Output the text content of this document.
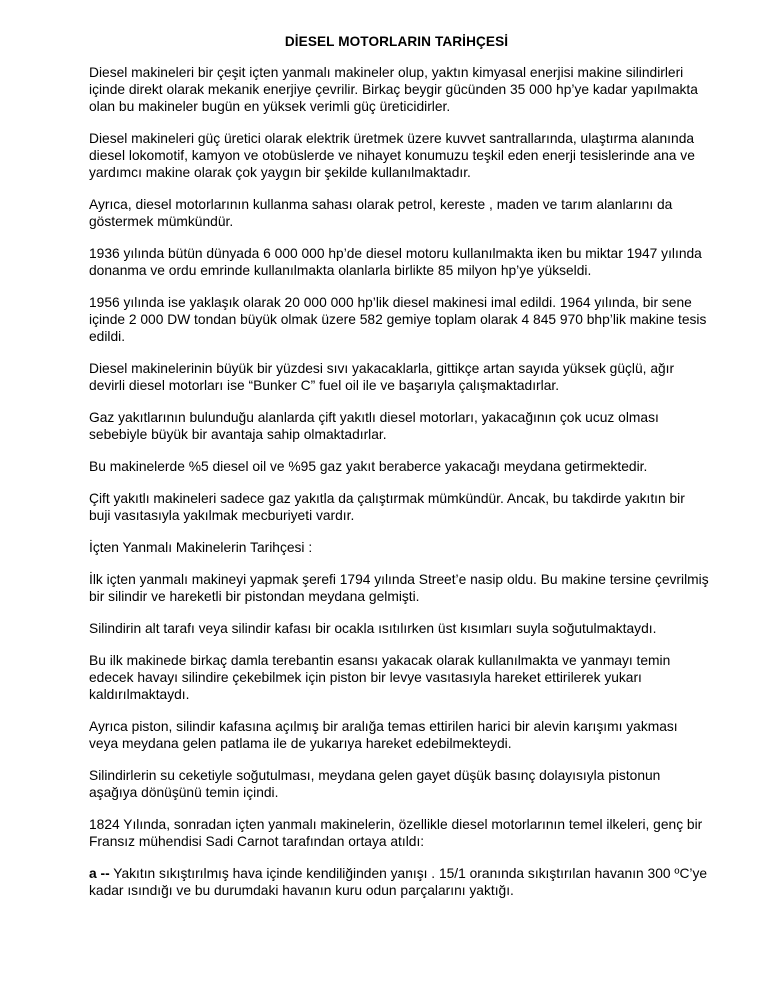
DİESEL MOTORLARIN TARİHÇESİ

Diesel makineleri bir çeşit içten yanmalı makineler olup, yaktın kimyasal enerjisi makine silindirleri içinde direkt olarak mekanik enerjiye çevrilir. Birkaç beygir gücünden 35 000 hp’ye kadar yapılmakta olan bu makineler bugün en yüksek verimli güç üreticidirler.

Diesel makineleri güç üretici olarak elektrik üretmek üzere kuvvet santrallarında, ulaştırma alanında diesel lokomotif, kamyon ve otobüslerde ve nihayet konumuzu teşkil eden enerji tesislerinde ana ve yardımcı makine olarak çok yaygın bir şekilde kullanılmaktadır.

Ayrıca, diesel motorlarının kullanma sahası olarak petrol, kereste , maden ve tarım alanlarını da göstermek mümkündür.

1936 yılında bütün dünyada 6 000 000 hp’de diesel motoru kullanılmakta iken bu miktar 1947 yılında donanma ve ordu emrinde kullanılmakta olanlarla birlikte 85 milyon hp’ye yükseldi.

1956 yılında ise yaklaşık olarak 20 000 000 hp’lik diesel makinesi imal edildi. 1964 yılında, bir sene içinde 2 000 DW tondan büyük olmak üzere 582 gemiye toplam olarak 4 845 970 bhp’lik makine tesis edildi.

Diesel makinelerinin büyük bir yüzdesi sıvı yakacaklarla, gittikçe artan sayıda yüksek güçlü, ağır devirli diesel motorları ise “Bunker C” fuel oil ile ve başarıyla çalışmaktadırlar.

Gaz yakıtlarının bulunduğu alanlarda çift yakıtlı diesel motorları, yakacağının çok ucuz olması sebebiyle büyük bir avantaja sahip olmaktadırlar.

Bu makinelerde %5 diesel oil ve %95 gaz yakıt beraberce yakacağı meydana getirmektedir.

Çift yakıtlı makineleri sadece gaz yakıtla da çalıştırmak mümkündür. Ancak, bu takdirde yakıtın bir buji vasıtasıyla yakılmak mecburiyeti vardır.

İçten Yanmalı Makinelerin Tarihçesi :

İlk içten yanmalı makineyi yapmak şerefi 1794 yılında Street’e nasip oldu. Bu makine tersine çevrilmiş bir silindir ve hareketli bir pistondan meydana gelmişti.

Silindirin alt tarafı veya silindir kafası bir ocakla ısıtılırken üst kısımları suyla soğutulmaktaydı.

Bu ilk makinede birkaç damla terebantin esansı yakacak olarak kullanılmakta ve yanmayı temin edecek havayı silindire çekebilmek için piston bir levye vasıtasıyla hareket ettirilerek yukarı kaldırılmaktaydı.

Ayrıca piston, silindir kafasına açılmış bir aralığa temas ettirilen harici bir alevin karışımı yakması veya meydana gelen patlama ile de yukarıya hareket edebilmekteydi.

Silindirlerin su ceketiyle soğutulması, meydana gelen gayet düşük basınç dolayısıyla pistonun aşağıya dönüşünü temin içindi.

1824 Yılında, sonradan içten yanmalı makinelerin, özellikle diesel motorlarının temel ilkeleri, genç bir Fransız mühendisi Sadi Carnot tarafından ortaya atıldı:

a -- Yakıtın sıkıştırılmış hava içinde kendiliğinden yanışı . 15/1 oranında sıkıştırılan havanın 300 ºC’ye kadar ısındığı ve bu durumdaki havanın kuru odun parçalarını yaktığı.
